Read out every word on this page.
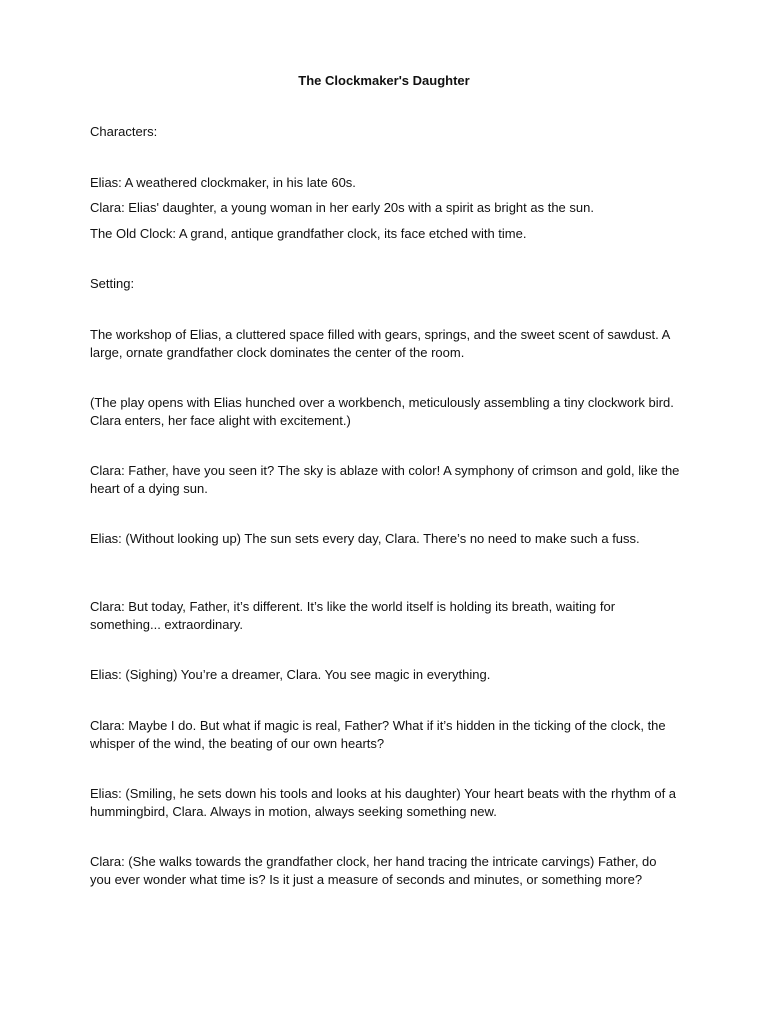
The Clockmaker's Daughter

Characters:

Elias: A weathered clockmaker, in his late 60s.

Clara: Elias' daughter, a young woman in her early 20s with a spirit as bright as the sun.

The Old Clock: A grand, antique grandfather clock, its face etched with time.

Setting:

The workshop of Elias, a cluttered space filled with gears, springs, and the sweet scent of sawdust. A large, ornate grandfather clock dominates the center of the room.

(The play opens with Elias hunched over a workbench, meticulously assembling a tiny clockwork bird. Clara enters, her face alight with excitement.)

Clara: Father, have you seen it? The sky is ablaze with color! A symphony of crimson and gold, like the heart of a dying sun.

Elias: (Without looking up) The sun sets every day, Clara. There’s no need to make such a fuss.

Clara: But today, Father, it’s different. It’s like the world itself is holding its breath, waiting for something... extraordinary.

Elias: (Sighing) You’re a dreamer, Clara. You see magic in everything.

Clara: Maybe I do. But what if magic is real, Father? What if it’s hidden in the ticking of the clock, the whisper of the wind, the beating of our own hearts?

Elias: (Smiling, he sets down his tools and looks at his daughter) Your heart beats with the rhythm of a hummingbird, Clara. Always in motion, always seeking something new.

Clara: (She walks towards the grandfather clock, her hand tracing the intricate carvings) Father, do you ever wonder what time is? Is it just a measure of seconds and minutes, or something more?
